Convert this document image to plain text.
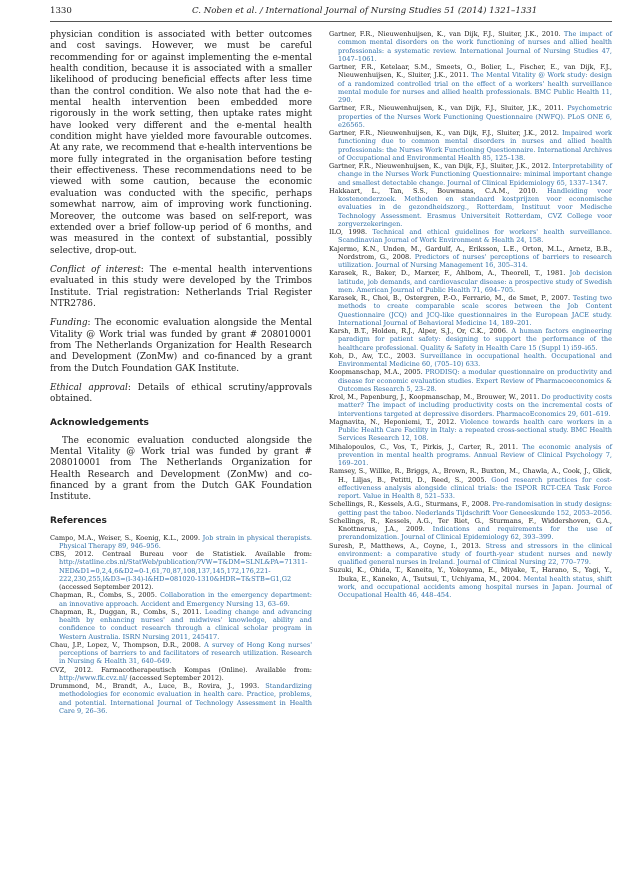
1330	C. Noben et al. / International Journal of Nursing Studies 51 (2014) 1321–1331

physician condition is associated with better outcomes and cost savings. However, we must be careful recommending for or against implementing the e-mental health condition, because it is associated with a smaller likelihood of producing beneficial effects after less time than the control condition. We also note that had the e-mental health intervention been embedded more rigorously in the work setting, then uptake rates might have looked very different and the e-mental health condition might have yielded more favourable outcomes. At any rate, we recommend that e-health interventions be more fully integrated in the organisation before testing their effectiveness. These recommendations need to be viewed with some caution, because the economic evaluation was conducted with the specific, perhaps somewhat narrow, aim of improving work functioning. Moreover, the outcome was based on self-report, was extended over a brief follow-up period of 6 months, and was measured in the context of substantial, possibly selective, drop-out.

Conflict of interest: The e-mental health interventions evaluated in this study were developed by the Trimbos Institute. Trial registration: Netherlands Trial Register NTR2786.

Funding: The economic evaluation alongside the Mental Vitality @ Work trial was funded by grant # 208010001 from The Netherlands Organization for Health Research and Development (ZonMw) and co-financed by a grant from the Dutch Foundation GAK Institute.

Ethical approval: Details of ethical scrutiny/approvals obtained.

Acknowledgements

The economic evaluation conducted alongside the Mental Vitality @ Work trial was funded by grant # 208010001 from The Netherlands Organization for Health Research and Development (ZonMw) and co-financed by a grant from the Dutch GAK Foundation Institute.

References

Campo, M.A., Weiser, S., Koenig, K.L., 2009. Job strain in physical therapists. Physical Therapy 89, 946–956.

CBS, 2012. Centraal Bureau voor de Statistiek. Available from: http://statline.cbs.nl/StatWeb/publication/?VW=T&DM=SLNL&PA=71311-NED&D1=0,2,4,6&D2=0-1,61,70,87,108,137,145,172,176,221-222,230,255,l&D3=(l-34)-l&HD=081020-1310&HDR=T&STB=G1,G2 (accessed September 2012).

Chapman, R., Combs, S., 2005. Collaboration in the emergency department: an innovative approach. Accident and Emergency Nursing 13, 63–69.

Chapman, R., Duggan, R., Combs, S., 2011. Leading change and advancing health by enhancing nurses' and midwives' knowledge, ability and confidence to conduct research through a clinical scholar program in Western Australia. ISRN Nursing 2011, 245417.

Chau, J.P., Lopez, V., Thompson, D.R., 2008. A survey of Hong Kong nurses' perceptions of barriers to and facilitators of research utilization. Research in Nursing & Health 31, 640–649.

CVZ, 2012. Farmacotherapeutisch Kompas (Online). Available from: http://www.fk.cvz.nl/ (accessed September 2012).

Drummond, M., Brandt, A., Luce, B., Rovira, J., 1993. Standardizing methodologies for economic evaluation in health care. Practice, problems, and potential. International Journal of Technology Assessment in Health Care 9, 26–36.

Gartner, F.R., Nieuwenhuijsen, K., van Dijk, F.J., Sluiter, J.K., 2010. The impact of common mental disorders on the work functioning of nurses and allied health professionals: a systematic review. International Journal of Nursing Studies 47, 1047–1061.

Gartner, F.R., Ketelaar, S.M., Smeets, O., Bolier, L., Fischer, E., van Dijk, F.J., Nieuwenhuijsen, K., Sluiter, J.K., 2011. The Mental Vitality @ Work study: design of a randomized controlled trial on the effect of a workers' health surveillance mental module for nurses and allied health professionals. BMC Public Health 11, 290.

Gartner, F.R., Nieuwenhuijsen, K., van Dijk, F.J., Sluiter, J.K., 2011. Psychometric properties of the Nurses Work Functioning Questionnaire (NWFQ). PLoS ONE 6, e26565.

Gartner, F.R., Nieuwenhuijsen, K., van Dijk, F.J., Sluiter, J.K., 2012. Impaired work functioning due to common mental disorders in nurses and allied health professionals: the Nurses Work Functioning Questionnaire. International Archives of Occupational and Environmental Health 85, 125–138.

Gartner, F.R., Nieuwenhuijsen, K., van Dijk, F.J., Sluiter, J.K., 2012. Interpretability of change in the Nurses Work Functioning Questionnaire: minimal important change and smallest detectable change. Journal of Clinical Epidemiology 65, 1337–1347.

Hakkaart, L., Tan, S.S., Bouwmans, C.A.M., 2010. Handleiding voor kostenonderzoek. Methoden en standaard kostprijzen voor economische evaluaties in de gezondheidszorg., Rotterdam, Instituut voor Medische Technology Assessment. Erasmus Universiteit Rotterdam, CVZ College voor zorgverzekeringen.

ILO, 1998. Technical and ethical guidelines for workers' health surveillance. Scandinavian Journal of Work Environment & Health 24, 158.

Kajermo, K.N., Unden, M., Gardulf, A., Eriksson, L.E., Orton, M.L., Arnetz, B.B., Nordstrom, G., 2008. Predictors of nurses' perceptions of barriers to research utilization. Journal of Nursing Management 16, 305–314.

Karasek, R., Baker, D., Marxer, F., Ahlbom, A., Theorell, T., 1981. Job decision latitude, job demands, and cardiovascular disease: a prospective study of Swedish men. American Journal of Public Health 71, 694–705.

Karasek, R., Choi, B., Ostergren, P.-O., Ferrario, M., de Smet, P., 2007. Testing two methods to create comparable scale scores between the Job Content Questionnaire (JCQ) and JCQ-like questionnaires in the European JACE study. International Journal of Behavioral Medicine 14, 189–201.

Karsh, B.T., Holden, R.J., Alper, S.J., Or, C.K., 2006. A human factors engineering paradigm for patient safety: designing to support the performance of the healthcare professional. Quality & Safety in Health Care 15 (Suppl 1) i59–i65.

Koh, D., Aw, T.C., 2003. Surveillance in occupational health. Occupational and Environmental Medicine 60, (705–10) 633.

Koopmanschap, M.A., 2005. PRODISQ: a modular questionnaire on productivity and disease for economic evaluation studies. Expert Review of Pharmacoeconomics & Outcomes Research 5, 23–28.

Krol, M., Papenburg, J., Koopmanschap, M., Brouwer, W., 2011. Do productivity costs matter? The impact of including productivity costs on the incremental costs of interventions targeted at depressive disorders. PharmacoEconomics 29, 601–619.

Magnavita, N., Heponiemi, T., 2012. Violence towards health care workers in a Public Health Care Facility in Italy: a repeated cross-sectional study. BMC Health Services Research 12, 108.

Mihalopoulos, C., Vos, T., Pirkis, J., Carter, R., 2011. The economic analysis of prevention in mental health programs. Annual Review of Clinical Psychology 7, 169–201.

Ramsey, S., Willke, R., Briggs, A., Brown, R., Buxton, M., Chawla, A., Cook, J., Glick, H., Liljas, B., Petitti, D., Reed, S., 2005. Good research practices for cost-effectiveness analysis alongside clinical trials: the ISPOR RCT-CEA Task Force report. Value in Health 8, 521–533.

Schellings, R., Kessels, A.G., Sturmans, F., 2008. Pre-randomisation in study designs: getting past the taboo. Nederlands Tijdschrift Voor Geneeskunde 152, 2053–2056.

Schellings, R., Kessels, A.G., Ter Riet, G., Sturmans, F., Widdershoven, G.A., Knottnerus, J.A., 2009. Indications and requirements for the use of prerandomization. Journal of Clinical Epidemiology 62, 393–399.

Suresh, P., Matthews, A., Coyne, I., 2013. Stress and stressors in the clinical environment: a comparative study of fourth-year student nurses and newly qualified general nurses in Ireland. Journal of Clinical Nursing 22, 770–779.

Suzuki, K., Ohida, T., Kaneita, Y., Yokoyama, E., Miyake, T., Harano, S., Yagi, Y., Ibuka, E., Kaneko, A., Tsutsui, T., Uchiyama, M., 2004. Mental health status, shift work, and occupational accidents among hospital nurses in Japan. Journal of Occupational Health 46, 448–454.
